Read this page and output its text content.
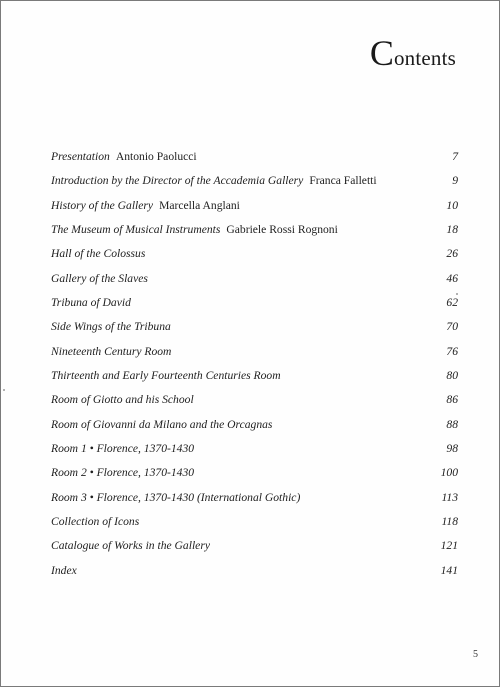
Contents
Presentation Antonio Paolucci	7
Introduction by the Director of the Accademia Gallery Franca Falletti	9
History of the Gallery Marcella Anglani	10
The Museum of Musical Instruments Gabriele Rossi Rognoni	18
Hall of the Colossus	26
Gallery of the Slaves	46
Tribuna of David	62
Side Wings of the Tribuna	70
Nineteenth Century Room	76
Thirteenth and Early Fourteenth Centuries Room	80
Room of Giotto and his School	86
Room of Giovanni da Milano and the Orcagnas	88
Room 1 • Florence, 1370-1430	98
Room 2 • Florence, 1370-1430	100
Room 3 • Florence, 1370-1430 (International Gothic)	113
Collection of Icons	118
Catalogue of Works in the Gallery	121
Index	141
5
